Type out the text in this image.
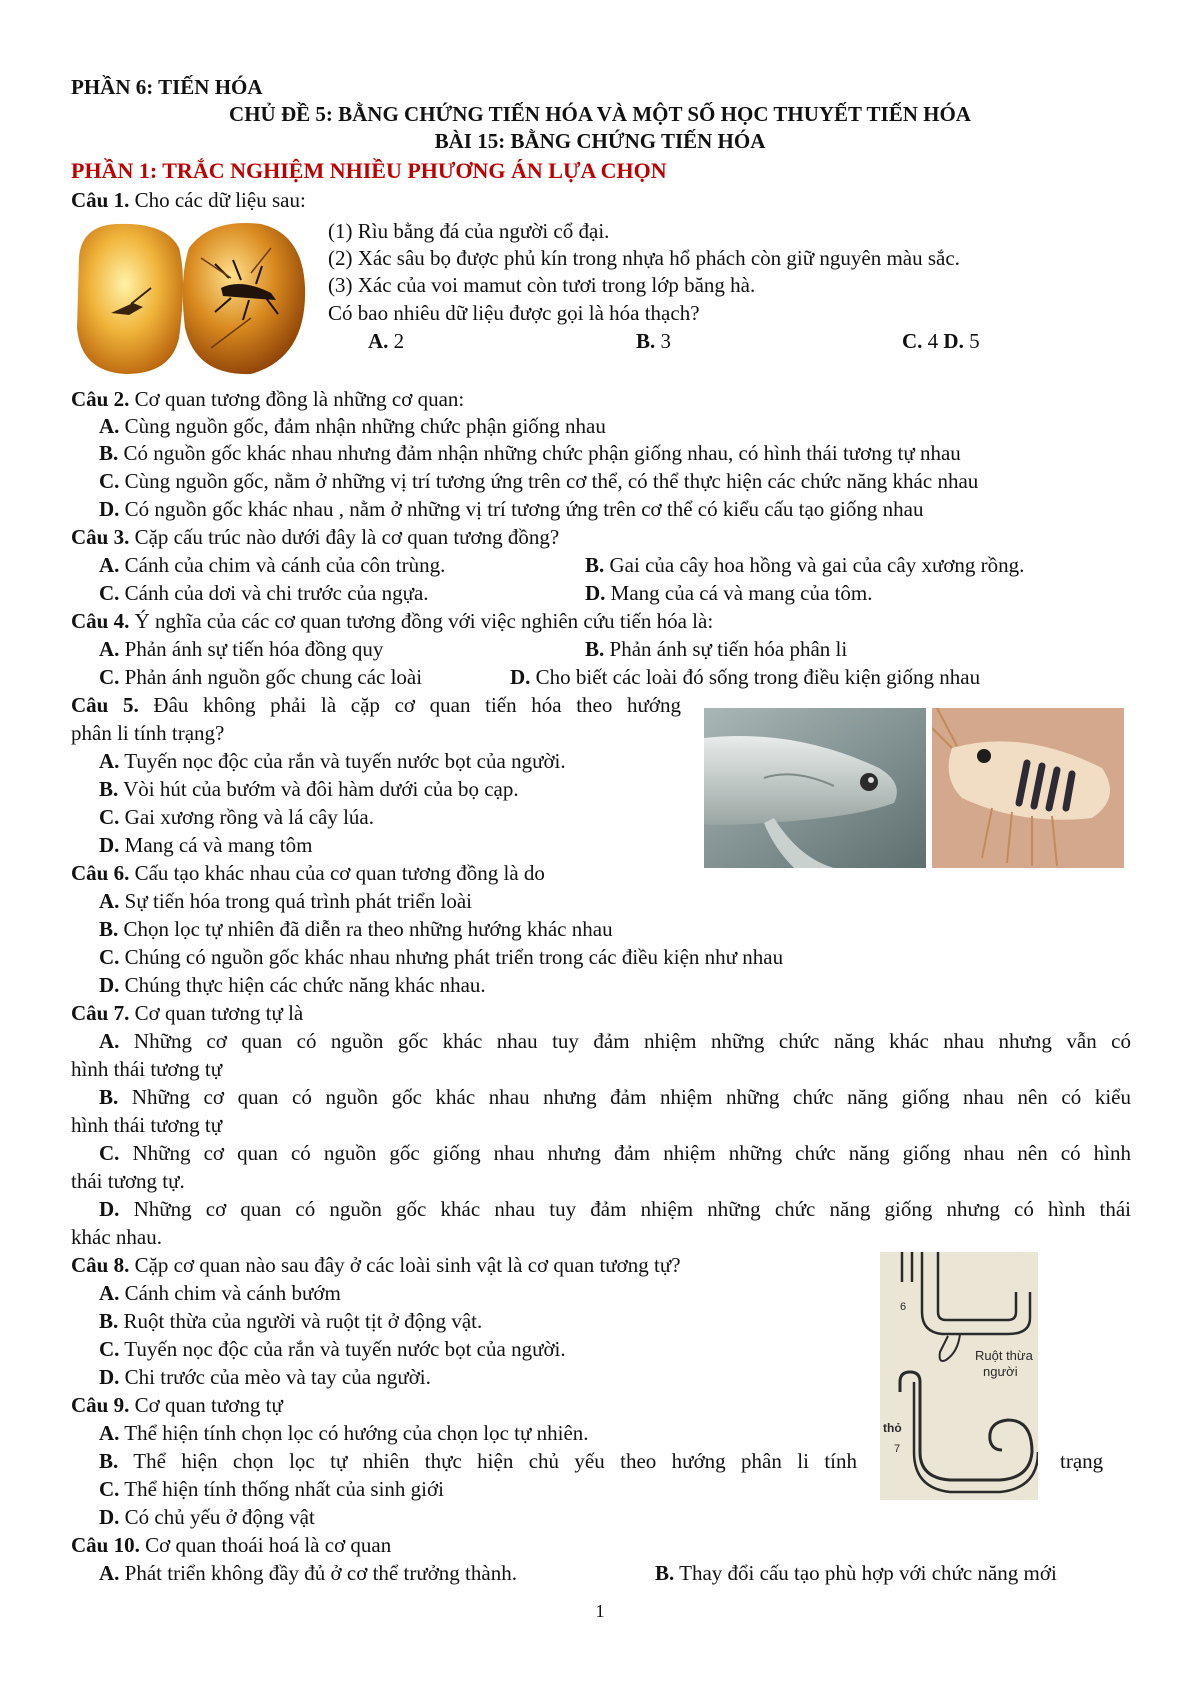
PHẦN 6: TIẾN HÓA
CHỦ ĐỀ 5: BẰNG CHỨNG TIẾN HÓA VÀ MỘT SỐ HỌC THUYẾT TIẾN HÓA
BÀI 15: BẰNG CHỨNG TIẾN HÓA
PHẦN 1: TRẮC NGHIỆM NHIỀU PHƯƠNG ÁN LỰA CHỌN
Câu 1. Cho các dữ liệu sau:
(1) Rìu bằng đá của người cổ đại.
(2) Xác sâu bọ được phủ kín trong nhựa hổ phách còn giữ nguyên màu sắc.
(3) Xác của voi mamut còn tươi trong lớp băng hà.
Có bao nhiêu dữ liệu được gọi là hóa thạch?
A. 2	B. 3	C. 4 D. 5
Câu 2. Cơ quan tương đồng là những cơ quan:
A. Cùng nguồn gốc, đảm nhận những chức phận giống nhau
B. Có nguồn gốc khác nhau nhưng đảm nhận những chức phận giống nhau, có hình thái tương tự nhau
C. Cùng nguồn gốc, nằm ở những vị trí tương ứng trên cơ thể, có thể thực hiện các chức năng khác nhau
D. Có nguồn gốc khác nhau , nằm ở những vị trí tương ứng trên cơ thể có kiểu cấu tạo giống nhau
Câu 3. Cặp cấu trúc nào dưới đây là cơ quan tương đồng?
A. Cánh của chim và cánh của côn trùng.	B. Gai của cây hoa hồng và gai của cây xương rồng.
C. Cánh của dơi và chi trước của ngựa.	D. Mang của cá và mang của tôm.
Câu 4. Ý nghĩa của các cơ quan tương đồng với việc nghiên cứu tiến hóa là:
A. Phản ánh sự tiến hóa đồng quy	B. Phản ánh sự tiến hóa phân li
C. Phản ánh nguồn gốc chung các loài	D. Cho biết các loài đó sống trong điều kiện giống nhau
Câu 5. Đâu không phải là cặp cơ quan tiến hóa theo hướng
phân li tính trạng?
A. Tuyến nọc độc của rắn và tuyến nước bọt của người.
B. Vòi hút của bướm và đôi hàm dưới của bọ cạp.
C. Gai xương rồng và lá cây lúa.
D. Mang cá và mang tôm
Câu 6. Cấu tạo khác nhau của cơ quan tương đồng là do
A. Sự tiến hóa trong quá trình phát triển loài
B. Chọn lọc tự nhiên đã diễn ra theo những hướng khác nhau
C. Chúng có nguồn gốc khác nhau nhưng phát triển trong các điều kiện như nhau
D. Chúng thực hiện các chức năng khác nhau.
Câu 7. Cơ quan tương tự là
A. Những cơ quan có nguồn gốc khác nhau tuy đảm nhiệm những chức năng khác nhau nhưng vẫn có
hình thái tương tự
B. Những cơ quan có nguồn gốc khác nhau nhưng đảm nhiệm những chức năng giống nhau nên có kiểu
hình thái tương tự
C. Những cơ quan có nguồn gốc giống nhau nhưng đảm nhiệm những chức năng giống nhau nên có hình
thái tương tự.
D. Những cơ quan có nguồn gốc khác nhau tuy đảm nhiệm những chức năng giống nhưng có hình thái
khác nhau.
Câu 8. Cặp cơ quan nào sau đây ở các loài sinh vật là cơ quan tương tự?
A. Cánh chim và cánh bướm
B. Ruột thừa của người và ruột tịt ở động vật.
C. Tuyến nọc độc của rắn và tuyến nước bọt của người.
D. Chi trước của mèo và tay của người.
Ruột thừa
người
6
thỏ
7
Câu 9. Cơ quan tương tự
A. Thể hiện tính chọn lọc có hướng của chọn lọc tự nhiên.
B. Thể hiện chọn lọc tự nhiên thực hiện chủ yếu theo hướng phân li tính	trạng
C. Thể hiện tính thống nhất của sinh giới
D. Có chủ yếu ở động vật
Câu 10. Cơ quan thoái hoá là cơ quan
A. Phát triển không đầy đủ ở cơ thể trưởng thành.	B. Thay đổi cấu tạo phù hợp với chức năng mới
1
